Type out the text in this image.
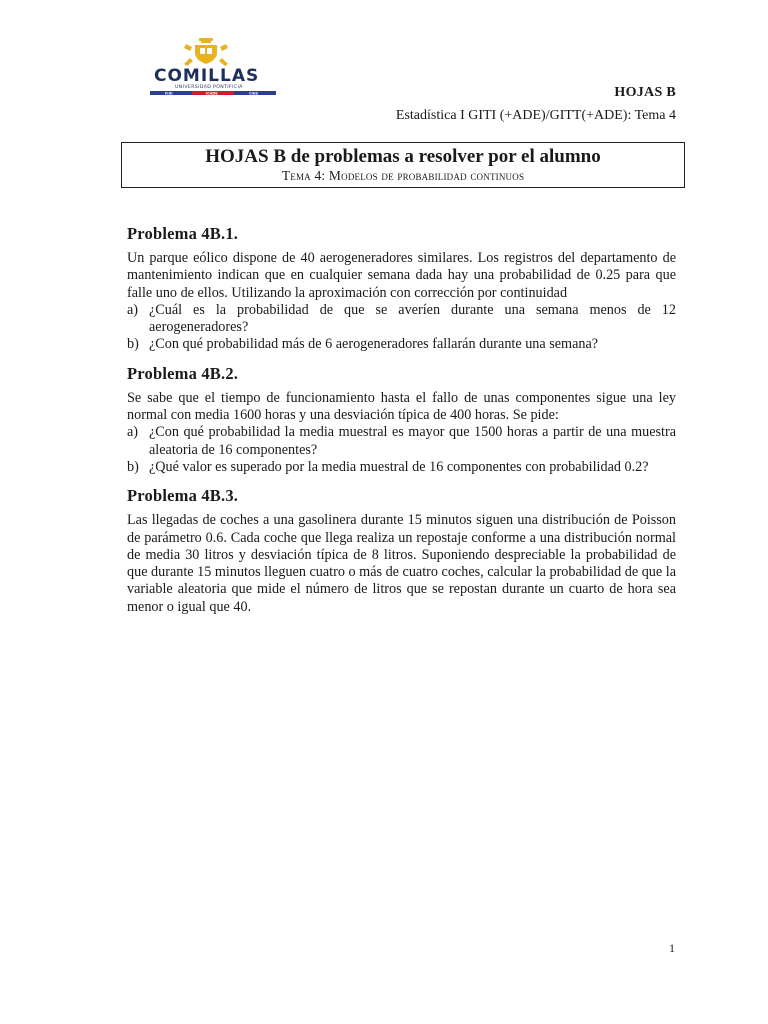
COMILLAS
UNIVERSIDAD PONTIFICIA
ICAI	ICADE	CIHS	HOJAS B
Estadística I GITI (+ADE)/GITT(+ADE): Tema 4
HOJAS B de problemas a resolver por el alumno
Tema 4: Modelos de probabilidad continuos
Problema 4B.1.

Un parque eólico dispone de 40 aerogeneradores similares. Los registros del departamento de mantenimiento indican que en cualquier semana dada hay una probabilidad de 0.25 para que falle uno de ellos. Utilizando la aproximación con corrección por continuidad

a) ¿Cuál es la probabilidad de que se averíen durante una semana menos de 12 aerogeneradores?
b) ¿Con qué probabilidad más de 6 aerogeneradores fallarán durante una semana?
Problema 4B.2.

Se sabe que el tiempo de funcionamiento hasta el fallo de unas componentes sigue una ley normal con media 1600 horas y una desviación típica de 400 horas. Se pide:

a) ¿Con qué probabilidad la media muestral es mayor que 1500 horas a partir de una muestra aleatoria de 16 componentes?
b) ¿Qué valor es superado por la media muestral de 16 componentes con probabilidad 0.2?
Problema 4B.3.

Las llegadas de coches a una gasolinera durante 15 minutos siguen una distribución de Poisson de parámetro 0.6. Cada coche que llega realiza un repostaje conforme a una distribución normal de media 30 litros y desviación típica de 8 litros. Suponiendo despreciable la probabilidad de que durante 15 minutos lleguen cuatro o más de cuatro coches, calcular la probabilidad de que la variable aleatoria que mide el número de litros que se repostan durante un cuarto de hora sea menor o igual que 40.

1
